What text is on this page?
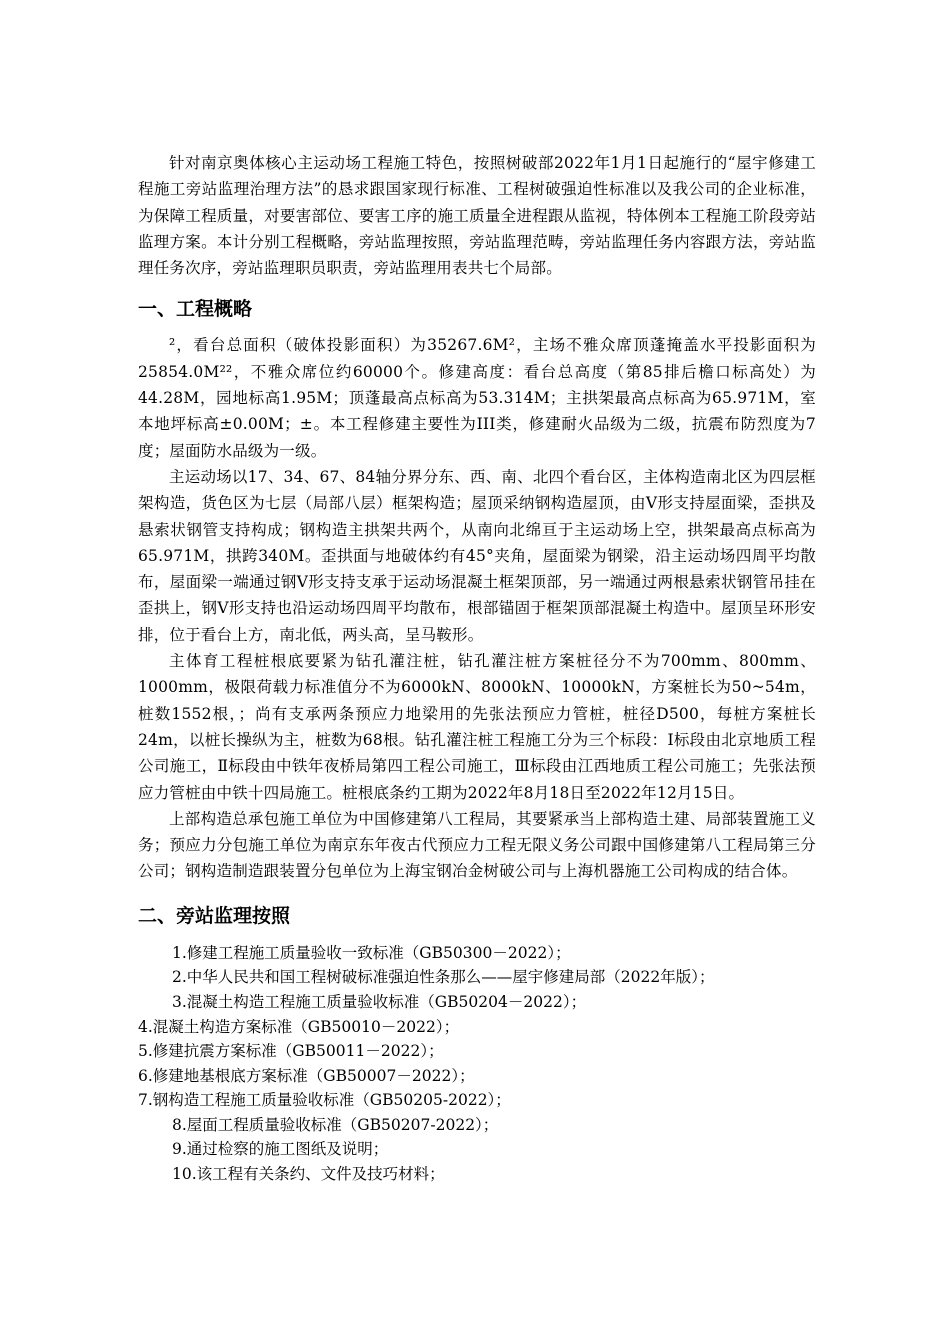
针对南京奥体核心主运动场工程施工特色，按照树破部2022年1月1日起施行的“屋宇修建工程施工旁站监理治理方法”的恳求跟国家现行标准、工程树破强迫性标准以及我公司的企业标准，为保障工程质量，对要害部位、要害工序的施工质量全进程跟从监视，特体例本工程施工阶段旁站监理方案。本计分别工程概略，旁站监理按照，旁站监理范畴，旁站监理任务内容跟方法，旁站监理任务次序，旁站监理职员职责，旁站监理用表共七个局部。

一、工程概略

²，看台总面积（破体投影面积）为35267.6M²，主场不雅众席顶蓬掩盖水平投影面积为25854.0M²²，不雅众席位约60000个。修建高度：看台总高度（第85排后檐口标高处）为44.28M，园地标高1.95M；顶蓬最高点标高为53.314M；主拱架最高点标高为65.971M，室本地坪标高±0.00M；±。本工程修建主要性为III类，修建耐火品级为二级，抗震布防烈度为7度；屋面防水品级为一级。

主运动场以17、34、67、84轴分界分东、西、南、北四个看台区，主体构造南北区为四层框架构造，货色区为七层（局部八层）框架构造；屋顶采纳钢构造屋顶，由V形支持屋面梁，歪拱及悬索状钢管支持构成；钢构造主拱架共两个，从南向北绵亘于主运动场上空，拱架最高点标高为65.971M，拱跨340M。歪拱面与地破体约有45°夹角，屋面梁为钢梁，沿主运动场四周平均散布，屋面梁一端通过钢V形支持支承于运动场混凝土框架顶部，另一端通过两根悬索状钢管吊挂在歪拱上，钢V形支持也沿运动场四周平均散布，根部锚固于框架顶部混凝土构造中。屋顶呈环形安排，位于看台上方，南北低，两头高，呈马鞍形。

主体育工程桩根底要紧为钻孔灌注桩，钻孔灌注桩方案桩径分不为700mm、800mm、1000mm，极限荷载力标准值分不为6000kN、8000kN、10000kN，方案桩长为50~54m，桩数1552根，；尚有支承两条预应力地梁用的先张法预应力管桩，桩径D500，每桩方案桩长24m，以桩长操纵为主，桩数为68根。钻孔灌注桩工程施工分为三个标段：Ⅰ标段由北京地质工程公司施工，Ⅱ标段由中铁年夜桥局第四工程公司施工，Ⅲ标段由江西地质工程公司施工；先张法预应力管桩由中铁十四局施工。桩根底条约工期为2022年8月18日至2022年12月15日。

上部构造总承包施工单位为中国修建第八工程局，其要紧承当上部构造土建、局部装置施工义务；预应力分包施工单位为南京东年夜古代预应力工程无限义务公司跟中国修建第八工程局第三分公司；钢构造制造跟装置分包单位为上海宝钢冶金树破公司与上海机器施工公司构成的结合体。

二、旁站监理按照
1.修建工程施工质量验收一致标准（GB50300－2022）；
2.中华人民共和国工程树破标准强迫性条那么——屋宇修建局部（2022年版）；
3.混凝土构造工程施工质量验收标准（GB50204－2022）；
4.混凝土构造方案标准（GB50010－2022）；
5.修建抗震方案标准（GB50011－2022）；
6.修建地基根底方案标准（GB50007－2022）；
7.钢构造工程施工质量验收标准（GB50205-2022）；
8.屋面工程质量验收标准（GB50207-2022）；
9.通过检察的施工图纸及说明；
10.该工程有关条约、文件及技巧材料；
